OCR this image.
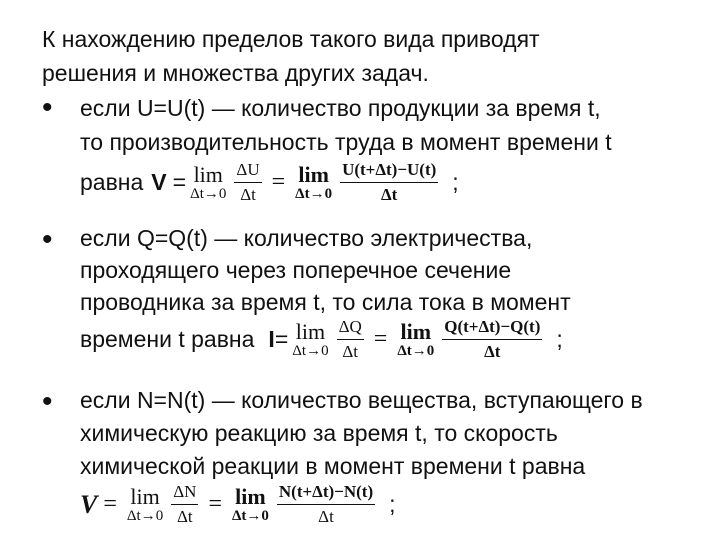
К нахождению пределов такого вида приводят
решения и множества других задач.
• если U=U(t) — количество продукции за время t,
то производительность труда в момент времени t
равна V = lim
$\Delta t\to 0 \frac{\Delta U}{\Delta t} = \lim$
$\Delta t\to 0 \frac{U(t+\Delta t)-U(t)}{\Delta t}$ ;
• если Q=Q(t) — количество электричества,
проходящего через поперечное сечение
проводника за время t, то сила тока в момент
времени t равна I = lim
$\Delta t\to 0 \frac{\Delta Q}{\Delta t} = \lim$
$\Delta t\to 0 \frac{Q(t+\Delta t)-Q(t)}{\Delta t}$ ;
• если N=N(t) — количество вещества, вступающего в
химическую реакцию за время t, то скорость
химической реакции в момент времени t равна
V = lim
$\Delta t\to 0 \frac{\Delta N}{\Delta t} = \lim$
$\Delta t\to 0 \frac{N(t+\Delta t)-N(t)}{\Delta t}$ ;
